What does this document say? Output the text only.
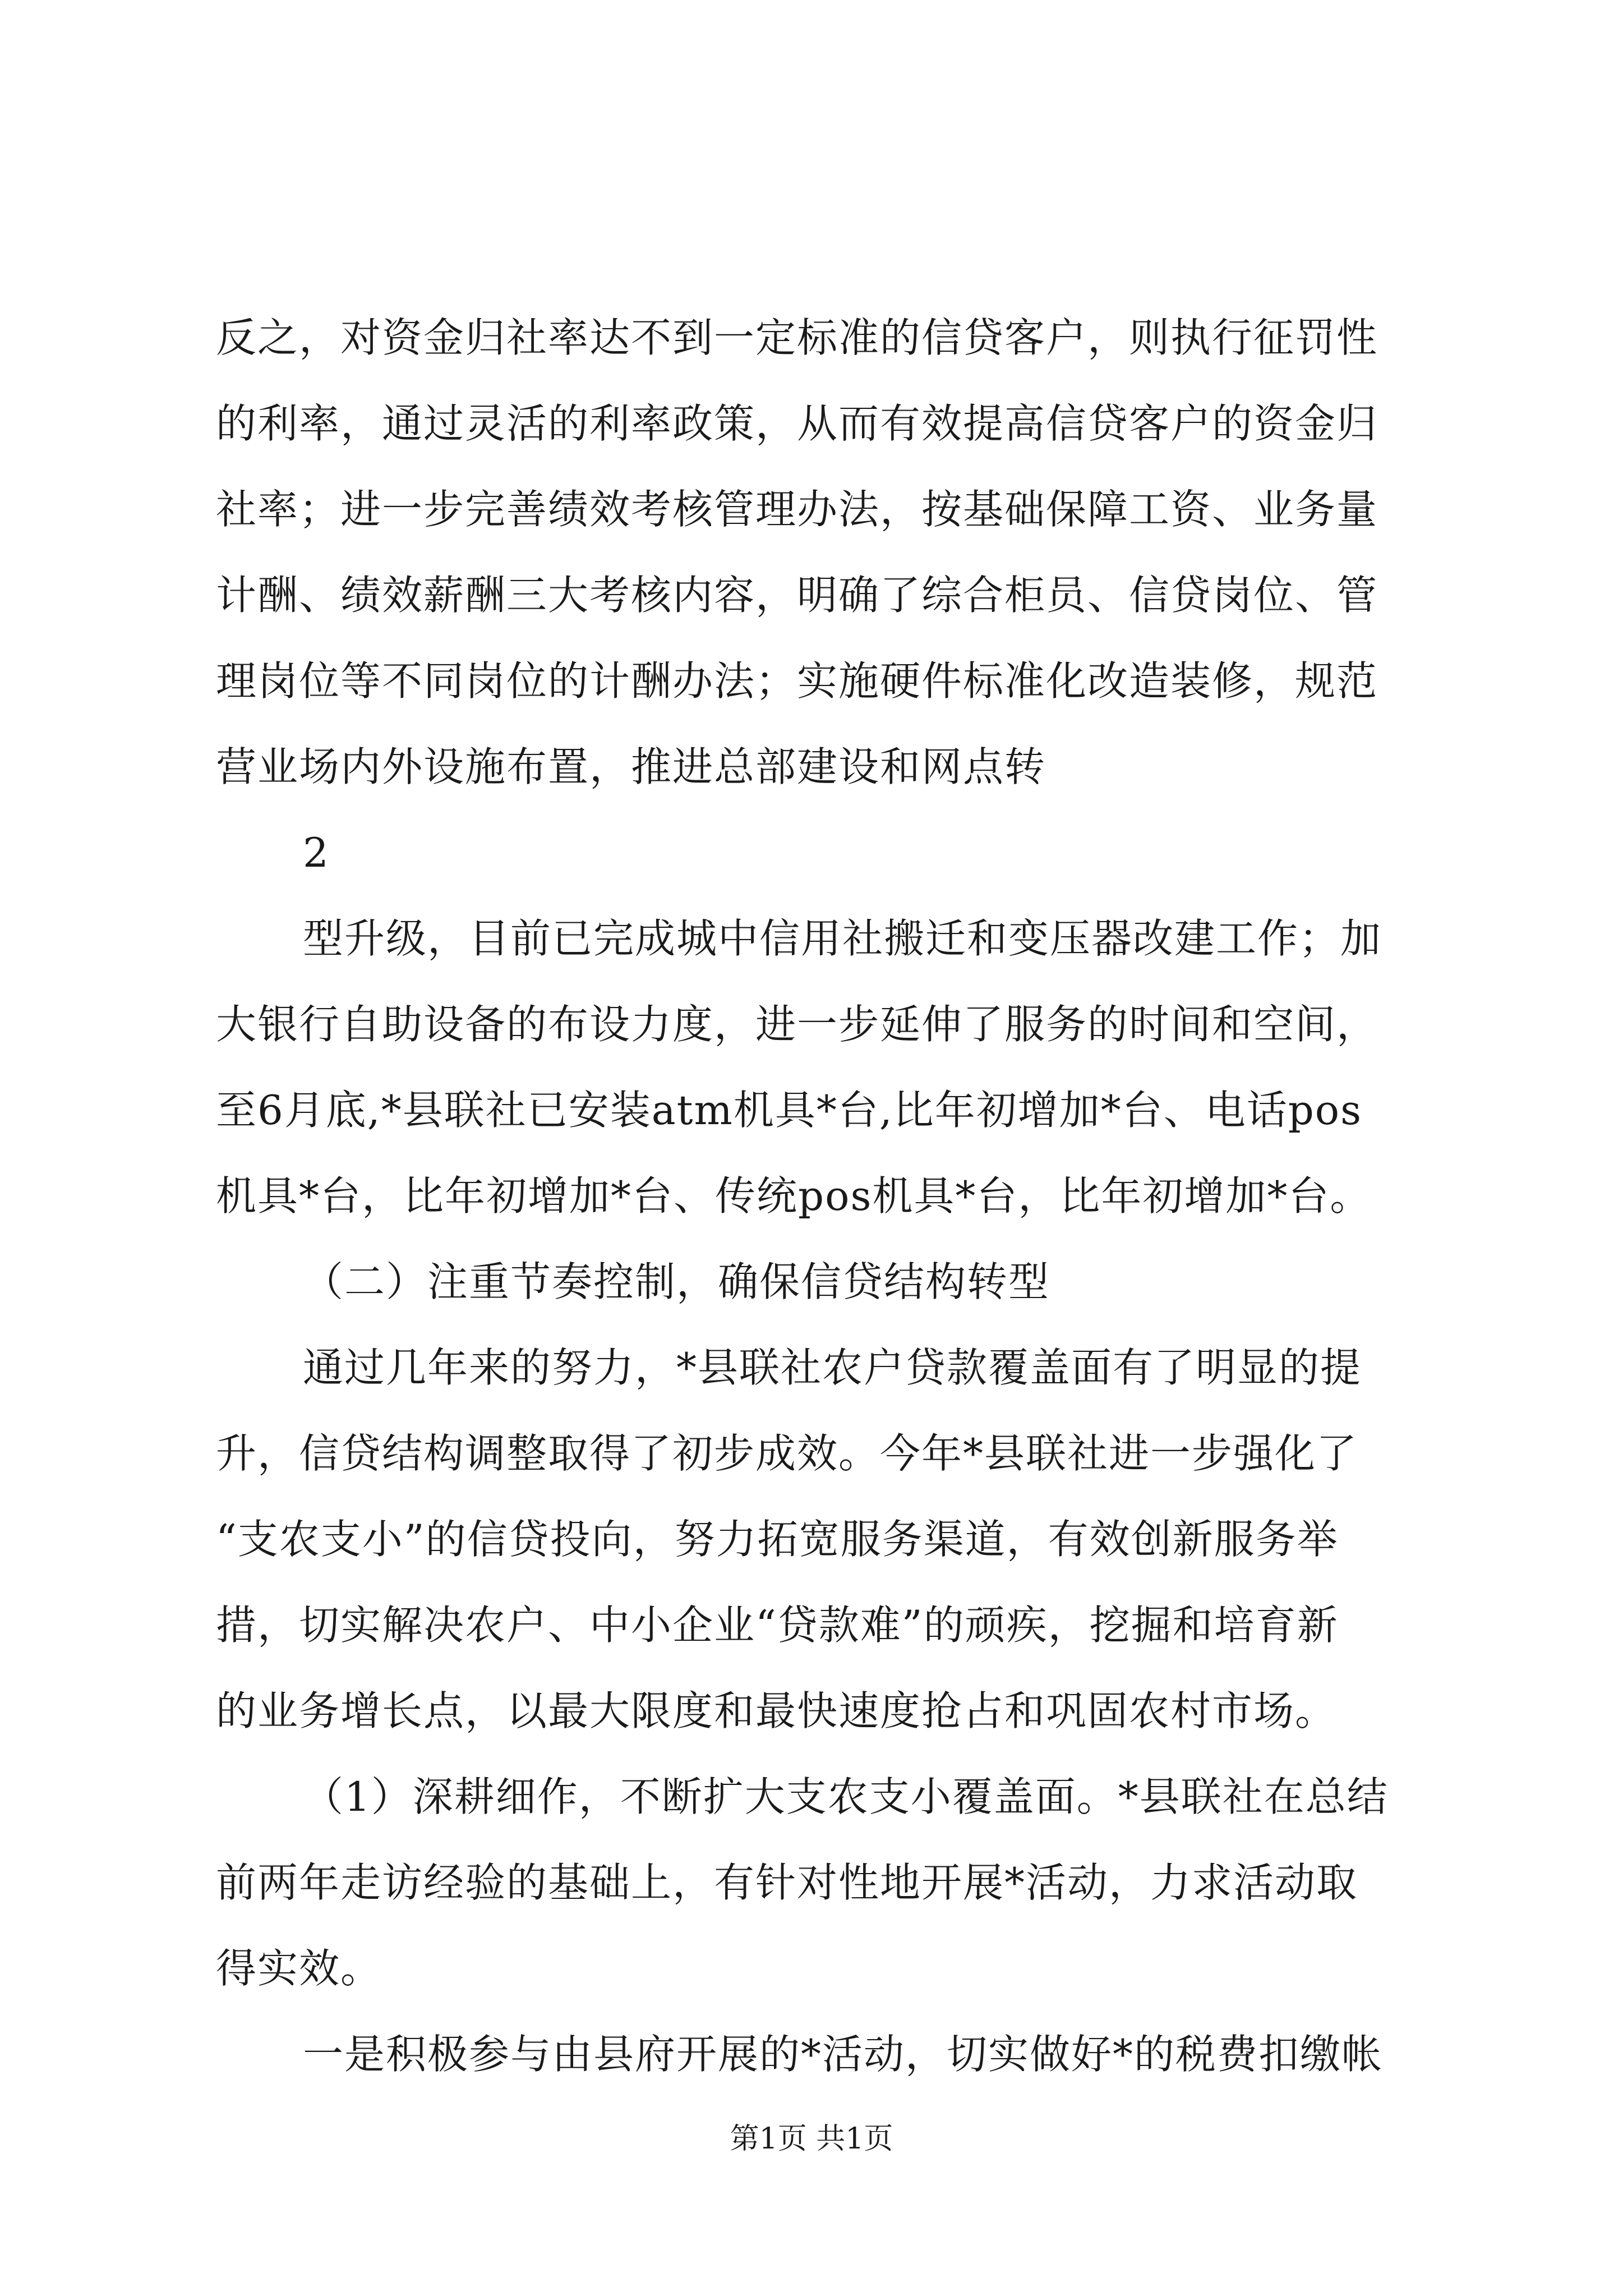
反之，对资金归社率达不到一定标准的信贷客户，则执行征罚性
的利率，通过灵活的利率政策，从而有效提高信贷客户的资金归
社率；进一步完善绩效考核管理办法，按基础保障工资、业务量
计酬、绩效薪酬三大考核内容，明确了综合柜员、信贷岗位、管
理岗位等不同岗位的计酬办法；实施硬件标准化改造装修，规范
营业场内外设施布置，推进总部建设和网点转
2
型升级，目前已完成城中信用社搬迁和变压器改建工作；加
大银行自助设备的布设力度，进一步延伸了服务的时间和空间，
至6月底,*县联社已安装atm机具*台,比年初增加*台、电话pos
机具*台，比年初增加*台、传统pos机具*台，比年初增加*台。
（二）注重节奏控制，确保信贷结构转型
通过几年来的努力，*县联社农户贷款覆盖面有了明显的提
升，信贷结构调整取得了初步成效。今年*县联社进一步强化了
“支农支小”的信贷投向，努力拓宽服务渠道，有效创新服务举
措，切实解决农户、中小企业“贷款难”的顽疾，挖掘和培育新
的业务增长点，以最大限度和最快速度抢占和巩固农村市场。
（1）深耕细作，不断扩大支农支小覆盖面。*县联社在总结
前两年走访经验的基础上，有针对性地开展*活动，力求活动取
得实效。
一是积极参与由县府开展的*活动，切实做好*的税费扣缴帐
第1页 共1页
